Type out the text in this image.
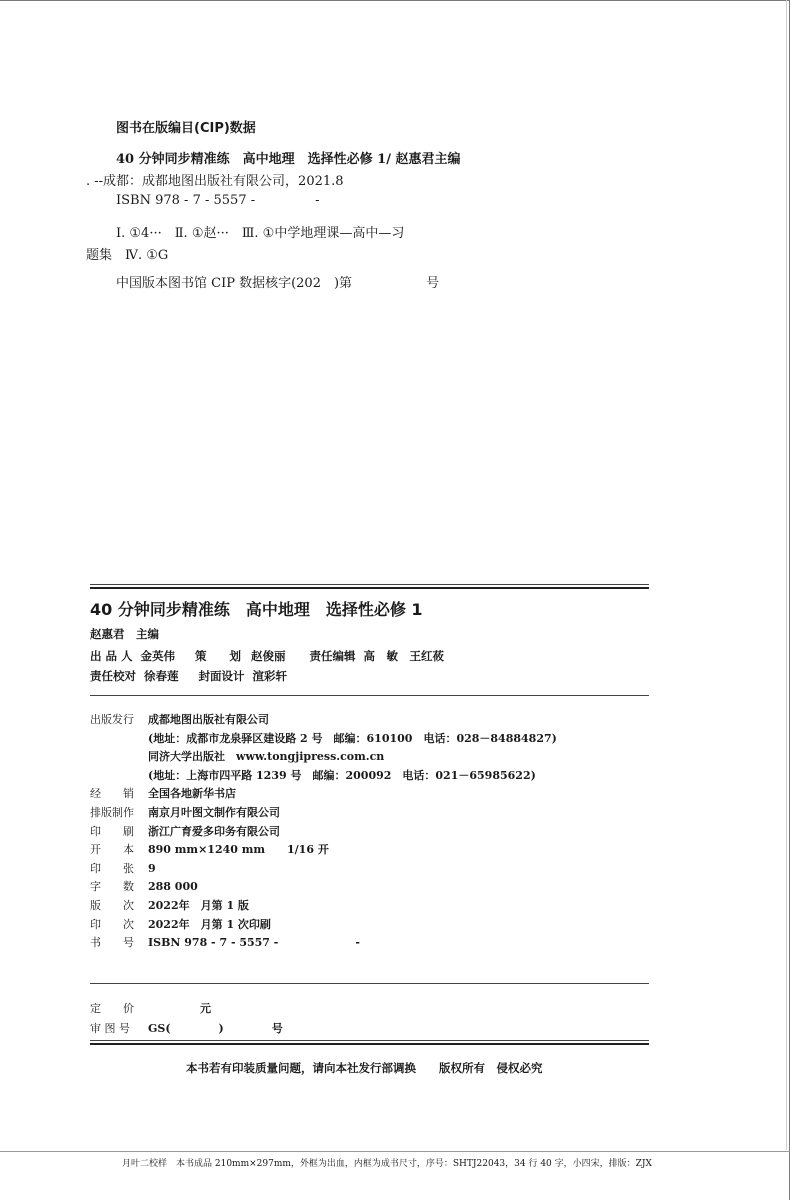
图书在版编目(CIP)数据
40 分钟同步精准练　高中地理　选择性必修 1/ 赵惠君主编
. --成都：成都地图出版社有限公司，2021.8
ISBN 978 - 7 - 5557 -	-
Ⅰ. ①4···　Ⅱ. ①赵···　Ⅲ. ①中学地理课—高中—习
题集　Ⅳ. ①G
中国版本图书馆 CIP 数据核字(202　)第	号
40 分钟同步精准练　高中地理　选择性必修 1
赵惠君　主编
出 品 人 金英伟 策　　划 赵俊丽 责任编辑 高　敏　王红莜
责任校对 徐春莲 封面设计 渲彩轩
出版发行 成都地图出版社有限公司
(地址：成都市龙泉驿区建设路 2 号　邮编：610100　电话：028－84884827)
同济大学出版社　www.tongjipress.com.cn
(地址：上海市四平路 1239 号　邮编：200092　电话：021－65985622)
经　　销 全国各地新华书店
排版制作 南京月叶图文制作有限公司
印　　刷 浙江广育爱多印务有限公司
开　　本 890 mm×1240 mm　　1/16 开
印　　张 9
字　　数 288 000
版　　次 2022年　月第 1 版
印　　次 2022年　月第 1 次印刷
书　　号 ISBN 978 - 7 - 5557 -　　　　　　　-
定　　价	元
审 图 号 GS(	)	号
本书若有印装质量问题，请向本社发行部调换　　版权所有　侵权必究
月叶二校样　本书成品 210mm×297mm，外框为出血，内框为成书尺寸，序号：SHTJ22043，34 行 40 字，小四宋，排版：ZJX
